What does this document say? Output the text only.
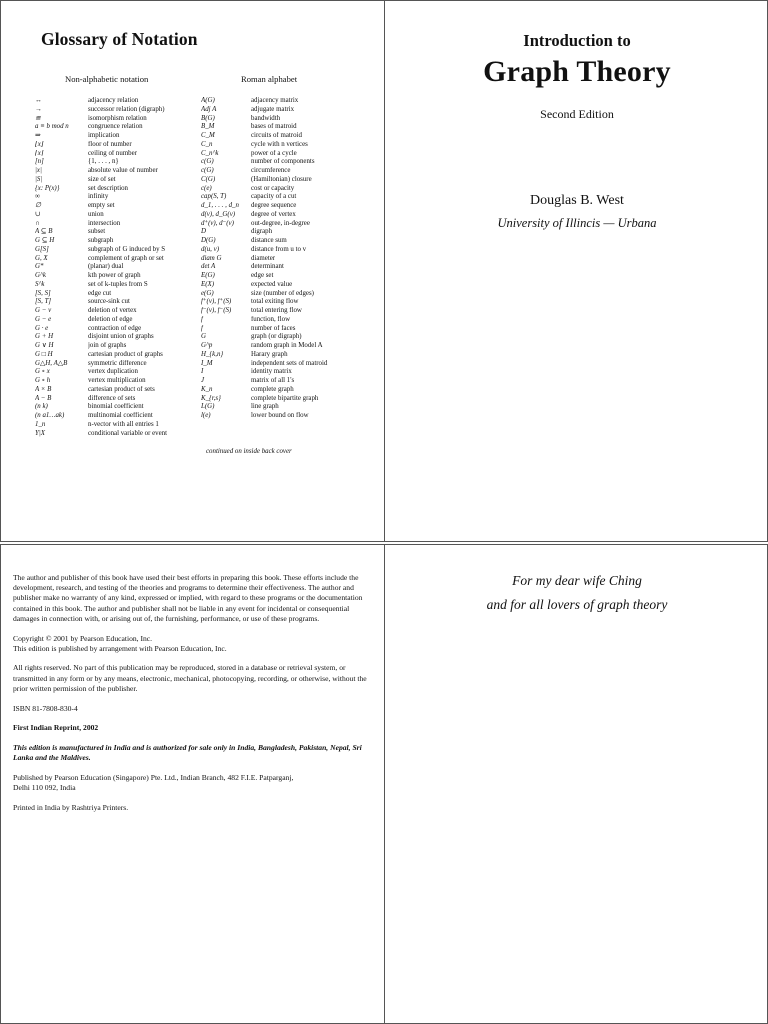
Glossary of Notation
Non-alphabetic notation	Roman alphabet
↔	adjacency relation	A(G)	adjacency matrix
→	successor relation (digraph)	Adj A	adjugate matrix
≅	isomorphism relation	B(G)	bandwidth
a ≡ b mod n	congruence relation	B_M	bases of matroid
⇒	implication	C_M	circuits of matroid
⌊x⌋	floor of number	C_n	cycle with n vertices
⌈x⌉	ceiling of number	C_n^k	power of a cycle
[n]	{1, . . . , n}	c(G)	number of components
|x|	absolute value of number	c(G)	circumference
|S|	size of set	C(G)	(Hamiltonian) closure
{x: P(x)}	set description	c(e)	cost or capacity
∞	infinity	cap(S, T)	capacity of a cut
∅	empty set	d_1, . . . , d_n	degree sequence
∪	union	d(v), d_G(v)	degree of vertex
∩	intersection	d⁺(v), d⁻(v)	out-degree, in-degree
A ⊆ B	subset	D	digraph
G ⊆ H	subgraph	D(G)	distance sum
G[S]	subgraph of G induced by S	d(u, v)	distance from u to v
G̅, X̅	complement of graph or set	diam G	diameter
G*	(planar) dual	det A	determinant
G^k	kth power of graph	E(G)	edge set
S^k	set of k-tuples from S	E(X)	expected value
[S, S̅]	edge cut	e(G)	size (number of edges)
[S, T]	source-sink cut	f⁺(v), f⁺(S)	total exiting flow
G − v	deletion of vertex	f⁻(v), f⁻(S)	total entering flow
G − e	deletion of edge	f	function, flow
G · e	contraction of edge	f	number of faces
G + H	disjoint union of graphs	G	graph (or digraph)
G ∨ H	join of graphs	G^p	random graph in Model A
G □ H	cartesian product of graphs	H_{k,n}	Harary graph
G△H, A△B	symmetric difference	I_M	independent sets of matroid
G ∘ x	vertex duplication	I	identity matrix
G ∘ h	vertex multiplication	J	matrix of all 1's
A × B	cartesian product of sets	K_n	complete graph
A − B	difference of sets	K_{r,s}	complete bipartite graph
(n k)	binomial coefficient	L(G)	line graph
(n a1…ak)	multinomial coefficient	l(e)	lower bound on flow
1_n	n-vector with all entries 1
Y|X	conditional variable or event
continued on inside back cover
Introduction to
Graph Theory
Second Edition
Douglas B. West
University of Illincis — Urbana

The author and publisher of this book have used their best efforts in preparing this book. These efforts include the development, research, and testing of the theories and programs to determine their effectiveness. The author and publisher make no warranty of any kind, expressed or implied, with regard to these programs or the documentation contained in this book. The author and publisher shall not be liable in any event for incidental or consequential damages in connection with, or arising out of, the furnishing, performance, or use of these programs.

Copyright © 2001 by Pearson Education, Inc.
This edition is published by arrangement with Pearson Education, Inc.

All rights reserved. No part of this publication may be reproduced, stored in a database or retrieval system, or transmitted in any form or by any means, electronic, mechanical, photocopying, recording, or otherwise, without the prior written permission of the publisher.

ISBN 81-7808-830-4

First Indian Reprint, 2002

This edition is manufactured in India and is authorized for sale only in India, Bangladesh, Pakistan, Nepal, Sri Lanka and the Maldives.

Published by Pearson Education (Singapore) Pte. Ltd., Indian Branch, 482 F.I.E. Patparganj,
Delhi 110 092, India

Printed in India by Rashtriya Printers.

For my dear wife Ching
and for all lovers of graph theory
